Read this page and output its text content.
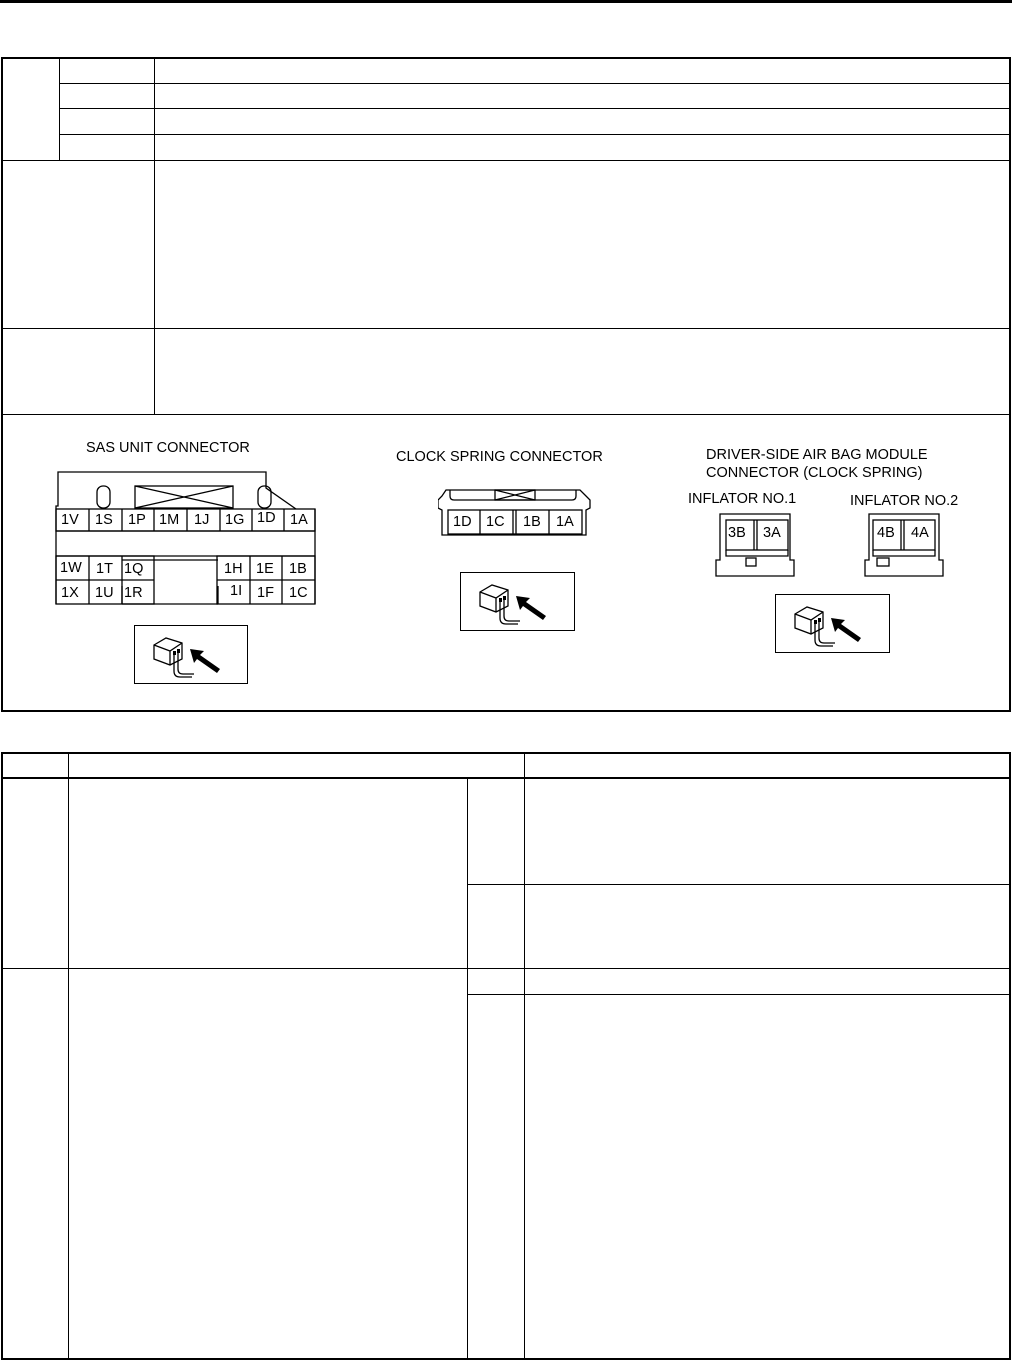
SAS UNIT CONNECTOR
1V 1S 1P 1M 1J 1G 1D 1A
1W 1T 1Q
1X 1U 1R
1H 1E 1B
1I 1F 1C
CLOCK SPRING CONNECTOR
1D 1C 1B 1A
DRIVER-SIDE AIR BAG MODULE
CONNECTOR (CLOCK SPRING)
INFLATOR NO.1	INFLATOR NO.2
3B 3A	4B 4A
